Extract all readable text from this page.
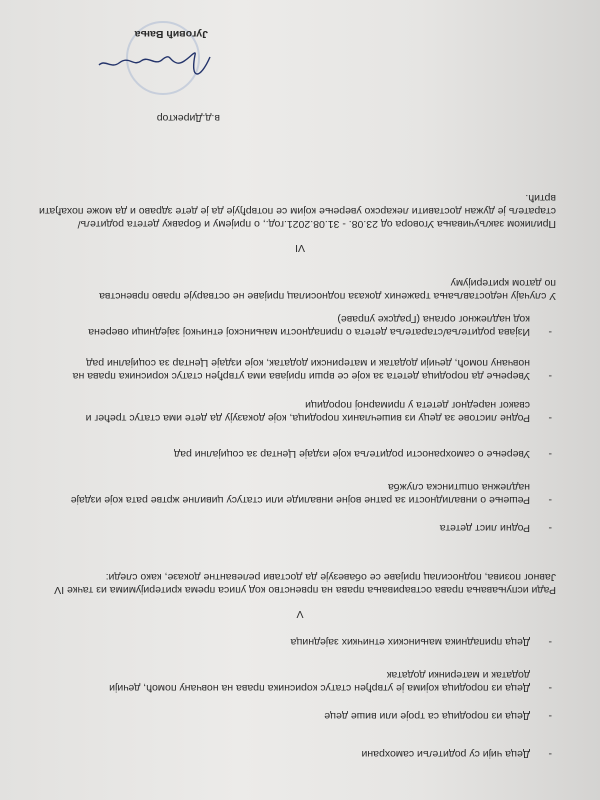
-
Деца чији су родитељи самохрани
-
Деца из породица са троје или више деце
-
Деца из породица којима је утврђен статус корисника права на новчану помоћ, дечији додатак и материнки додатак
-
Деца припадника мањинских етничких заједница
V
Ради испуњавања права остваривања права на првенство код уписа према критеријумима из тачке IV Јавног позива, подносилац пријаве се обавезује да достави релевантне доказе, како следи:
-
Родни лист детета
-
Решење о инвалидности за ратне војне инвалиде или статусу цивилне жртве рата које издаје надлежна општинска служба
-
Уверење о самохраности родитеља које издаје Центар за социјални рад
-
Родне листове за децу из вишечланих породица, које доказују да дете има статус трећег и сваког наредног детета у примарној породици
-
Уверење да породица детета за које се врши пријава има утврђен статус корисника права на новчану помоћ, дечији додатак и матерински додатак, које издаје Центар за социјални рад
-
Изјава родитеља/старатеља детета о припадности мањинској етничкој заједници оверена код надлежног органа (Градске управе)
У случају недостављања тражених доказа подносилац пријаве не остварује право првенства по датом критеријуму
VI
Приликом закључивања Уговора од 23.08. - 31.08.2021.год., о пријему и боравку детета родитељ/старатељ је дужан доставити лекарско уверење којим се потврђује да је дете здраво и да може похађати вртић.
в.д.Директор
Југовић Вања
